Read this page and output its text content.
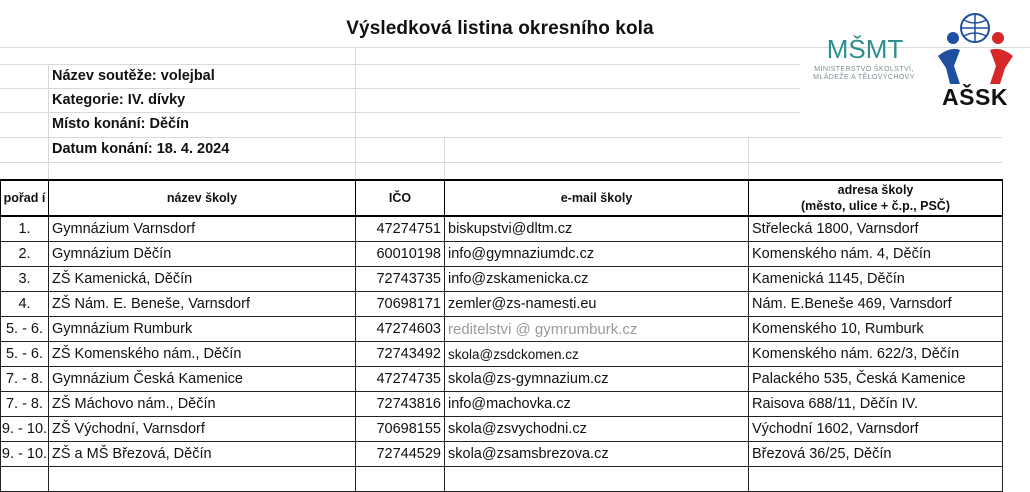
Výsledková listina okresního kola
Název soutěže: volejbal
Kategorie: IV. dívky
Místo konání: Děčín
Datum konání: 18. 4. 2024
MŠMT
MINISTERSTVO ŠKOLSTVÍ,
MLÁDEŽE A TĚLOVÝCHOVY
AŠSK
pořad í	název školy	IČO	e-mail školy	adresa školy
(město, ulice + č.p., PSČ)

1.	Gymnázium Varnsdorf	47274751	biskupstvi@dltm.cz	Střelecká 1800, Varnsdorf
2.	Gymnázium Děčín	60010198	info@gymnaziumdc.cz	Komenského nám. 4, Děčín
3.	ZŠ Kamenická, Děčín	72743735	info@zskamenicka.cz	Kamenická 1145, Děčín
4.	ZŠ Nám. E. Beneše, Varnsdorf	70698171	zemler@zs-namesti.eu	Nám. E.Beneše 469, Varnsdorf
5. - 6.	Gymnázium Rumburk	47274603	reditelstvi @ gymrumburk.cz	Komenského 10, Rumburk
5. - 6.	ZŠ Komenského nám., Děčín	72743492	skola@zsdckomen.cz	Komenského nám. 622/3, Děčín
7. - 8.	Gymnázium Česká Kamenice	47274735	skola@zs-gymnazium.cz	Palackého 535, Česká Kamenice
7. - 8.	ZŠ Máchovo nám., Děčín	72743816	info@machovka.cz	Raisova 688/11, Děčín IV.
9. - 10.	ZŠ Východní, Varnsdorf	70698155	skola@zsvychodni.cz	Východní 1602, Varnsdorf
9. - 10.	ZŠ a MŠ Březová, Děčín	72744529	skola@zsamsbrezova.cz	Březová 36/25, Děčín
